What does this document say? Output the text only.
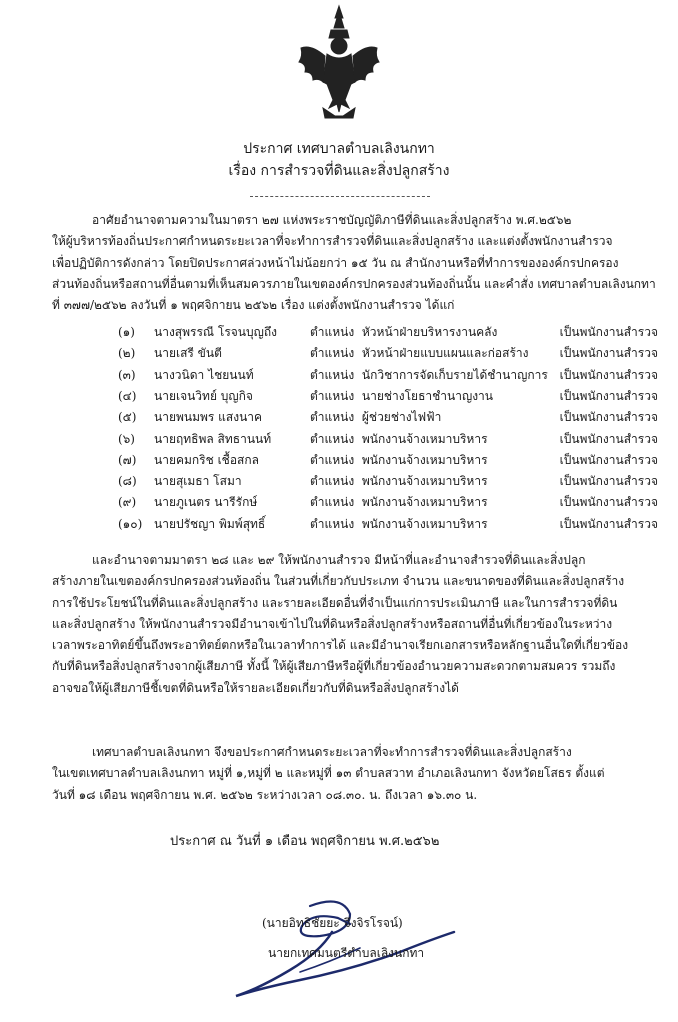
ประกาศ เทศบาลตำบลเลิงนกทา
เรื่อง การสำรวจที่ดินและสิ่งปลูกสร้าง

อาศัยอำนาจตามความในมาตรา ๒๗ แห่งพระราชบัญญัติภาษีที่ดินและสิ่งปลูกสร้าง พ.ศ.๒๕๖๒

ให้ผู้บริหารท้องถิ่นประกาศกำหนดระยะเวลาที่จะทำการสำรวจที่ดินและสิ่งปลูกสร้าง และแต่งตั้งพนักงานสำรวจ

เพื่อปฏิบัติการดังกล่าว โดยปิดประกาศล่วงหน้าไม่น้อยกว่า ๑๕ วัน ณ สำนักงานหรือที่ทำการขององค์กรปกครอง

ส่วนท้องถิ่นหรือสถานที่อื่นตามที่เห็นสมควรภายในเขตองค์กรปกครองส่วนท้องถิ่นนั้น และคำสั่ง เทศบาลตำบลเลิงนกทา

ที่ ๓๗๗/๒๕๖๒ ลงวันที่ ๑ พฤศจิกายน ๒๕๖๒ เรื่อง แต่งตั้งพนักงานสำรวจ ได้แก่

(๑) นางสุพรรณี โรจนบุญถึง	ตำแหน่ง หัวหน้าฝ่ายบริหารงานคลัง	เป็นพนักงานสำรวจ
(๒) นายเสรี ขันตี	ตำแหน่ง หัวหน้าฝ่ายแบบแผนและก่อสร้าง	เป็นพนักงานสำรวจ
(๓) นางวนิดา ไชยนนท์	ตำแหน่ง นักวิชาการจัดเก็บรายได้ชำนาญการ เป็นพนักงานสำรวจ
(๔) นายเจนวิทย์ บุญกิจ	ตำแหน่ง นายช่างโยธาชำนาญงาน	เป็นพนักงานสำรวจ
(๕) นายพนมพร แสงนาค	ตำแหน่ง ผู้ช่วยช่างไฟฟ้า	เป็นพนักงานสำรวจ
(๖) นายฤทธิพล สิทธานนท์	ตำแหน่ง พนักงานจ้างเหมาบริหาร	เป็นพนักงานสำรวจ
(๗) นายคมกริช เชื้อสกล	ตำแหน่ง พนักงานจ้างเหมาบริหาร	เป็นพนักงานสำรวจ
(๘) นายสุเมธา โสมา	ตำแหน่ง พนักงานจ้างเหมาบริหาร	เป็นพนักงานสำรวจ
(๙) นายภูเนตร นารีรักษ์	ตำแหน่ง พนักงานจ้างเหมาบริหาร	เป็นพนักงานสำรวจ
(๑๐) นายปรัชญา พิมพ์สุทธิ์	ตำแหน่ง พนักงานจ้างเหมาบริหาร	เป็นพนักงานสำรวจ

และอำนาจตามมาตรา ๒๘ และ ๒๙ ให้พนักงานสำรวจ มีหน้าที่และอำนาจสำรวจที่ดินและสิ่งปลูก

สร้างภายในเขตองค์กรปกครองส่วนท้องถิ่น ในส่วนที่เกี่ยวกับประเภท จำนวน และขนาดของที่ดินและสิ่งปลูกสร้าง

การใช้ประโยชน์ในที่ดินและสิ่งปลูกสร้าง และรายละเอียดอื่นที่จำเป็นแก่การประเมินภาษี และในการสำรวจที่ดิน

และสิ่งปลูกสร้าง ให้พนักงานสำรวจมีอำนาจเข้าไปในที่ดินหรือสิ่งปลูกสร้างหรือสถานที่อื่นที่เกี่ยวข้องในระหว่าง

เวลาพระอาทิตย์ขึ้นถึงพระอาทิตย์ตกหรือในเวลาทำการได้ และมีอำนาจเรียกเอกสารหรือหลักฐานอื่นใดที่เกี่ยวข้อง

กับที่ดินหรือสิ่งปลูกสร้างจากผู้เสียภาษี ทั้งนี้ ให้ผู้เสียภาษีหรือผู้ที่เกี่ยวข้องอำนวยความสะดวกตามสมควร รวมถึง

อาจขอให้ผู้เสียภาษีชี้เขตที่ดินหรือให้รายละเอียดเกี่ยวกับที่ดินหรือสิ่งปลูกสร้างได้

เทศบาลตำบลเลิงนกทา จึงขอประกาศกำหนดระยะเวลาที่จะทำการสำรวจที่ดินและสิ่งปลูกสร้าง

ในเขตเทศบาลตำบลเลิงนกทา หมู่ที่ ๑,หมู่ที่ ๒ และหมู่ที่ ๑๓ ตำบลสวาท อำเภอเลิงนกทา จังหวัดยโสธร ตั้งแต่

วันที่ ๑๘ เดือน พฤศจิกายน พ.ศ. ๒๕๖๒ ระหว่างเวลา ๐๘.๓๐. น. ถึงเวลา ๑๖.๓๐ น.

ประกาศ ณ วันที่ ๑ เดือน พฤศจิกายน พ.ศ.๒๕๖๒
(นายอิทธิชัยยะ จึงจิรโรจน์)
นายกเทศมนตรีตำบลเลิงนกทา
